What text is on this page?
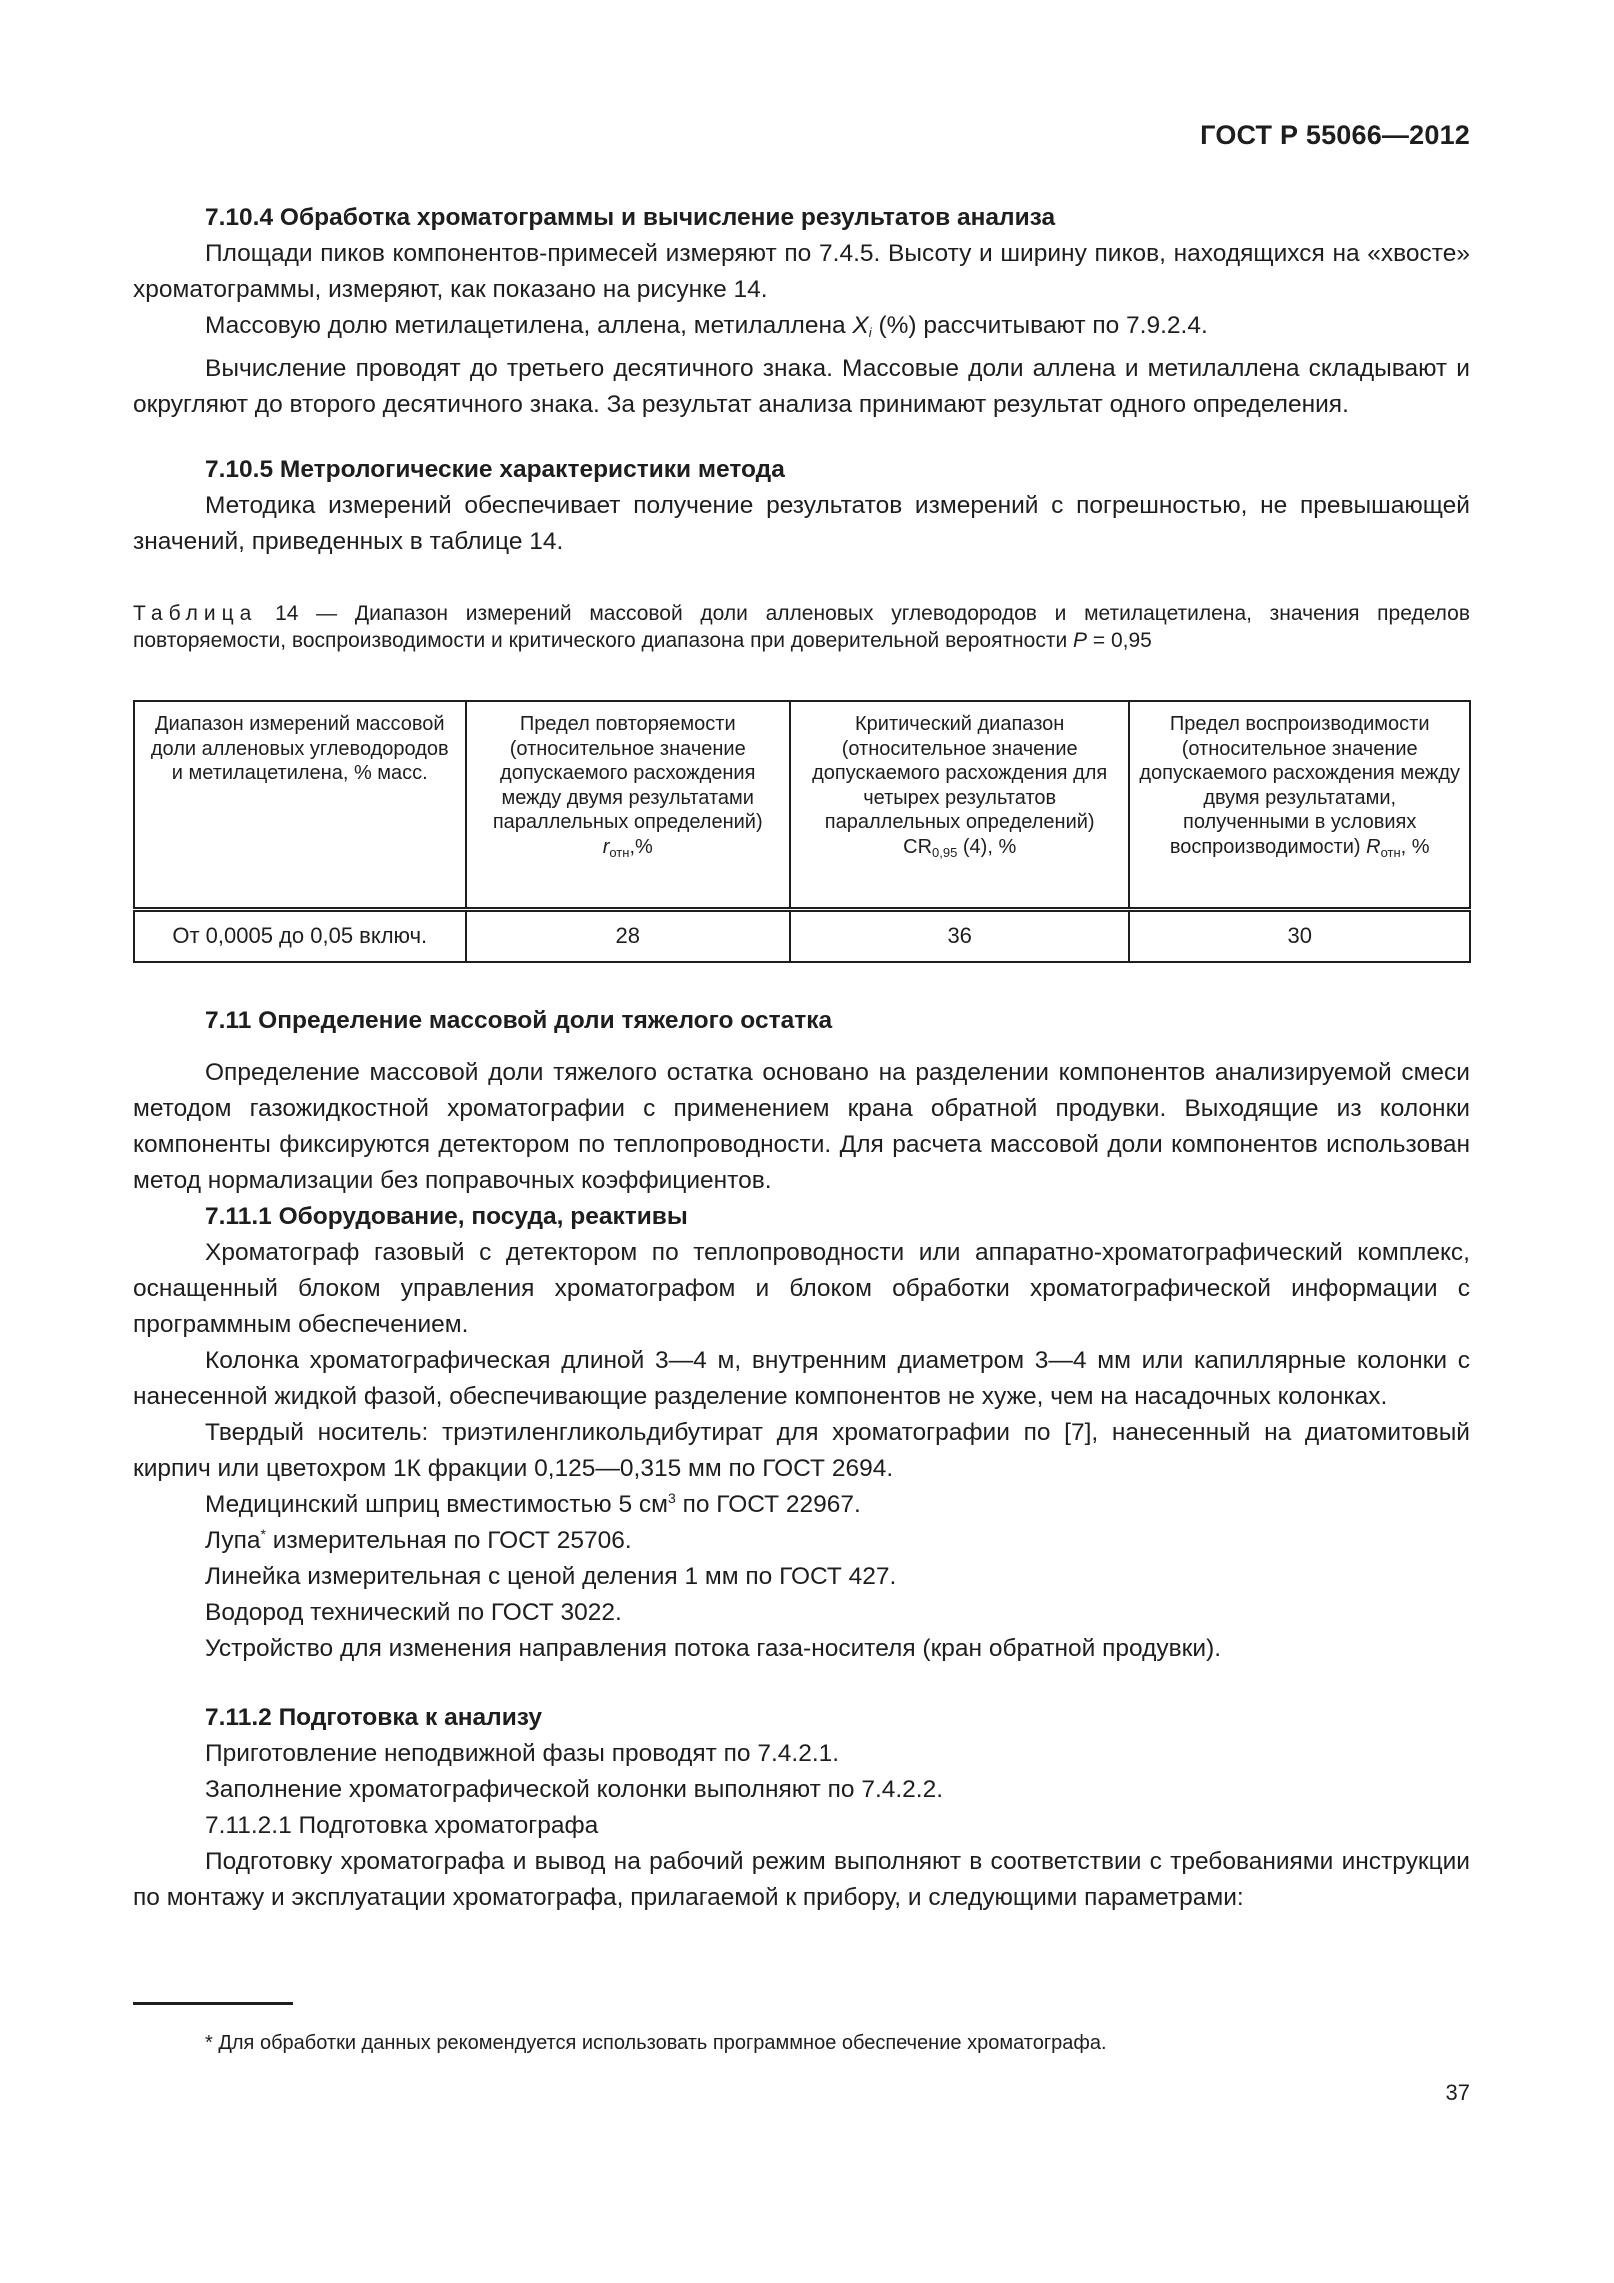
ГОСТ Р 55066—2012
7.10.4 Обработка хроматограммы и вычисление результатов анализа
Площади пиков компонентов-примесей измеряют по 7.4.5. Высоту и ширину пиков, находящихся на «хвосте» хроматограммы, измеряют, как показано на рисунке 14.
Массовую долю метилацетилена, аллена, метилаллена $X_i$ (%) рассчитывают по 7.9.2.4.
Вычисление проводят до третьего десятичного знака. Массовые доли аллена и метилаллена складывают и округляют до второго десятичного знака. За результат анализа принимают результат одного определения.
7.10.5 Метрологические характеристики метода
Методика измерений обеспечивает получение результатов измерений с погрешностью, не превышающей значений, приведенных в таблице 14.
Таблица 14 — Диапазон измерений массовой доли алленовых углеводородов и метилацетилена, значения пределов повторяемости, воспроизводимости и критического диапазона при доверительной вероятности P = 0,95
Диапазон измерений массовой доли алленовых углеводородов и метилацетилена, % масс.	Предел повторяемости (относительное значение допускаемого расхождения между двумя результатами параллельных определений) $r_{отн},\%$	Критический диапазон (относительное значение допускаемого расхождения для четырех результатов параллельных определений) $CR_{0,95}$ (4), %	Предел воспроизводимости (относительное значение допускаемого расхождения между двумя результатами, полученными в условиях воспроизводимости) $R_{отн}$, %
От 0,0005 до 0,05 включ.	28	36	30
7.11 Определение массовой доли тяжелого остатка
Определение массовой доли тяжелого остатка основано на разделении компонентов анализируемой смеси методом газожидкостной хроматографии с применением крана обратной продувки. Выходящие из колонки компоненты фиксируются детектором по теплопроводности. Для расчета массовой доли компонентов использован метод нормализации без поправочных коэффициентов.
7.11.1 Оборудование, посуда, реактивы
Хроматограф газовый с детектором по теплопроводности или аппаратно-хроматографический комплекс, оснащенный блоком управления хроматографом и блоком обработки хроматографической информации с программным обеспечением.
Колонка хроматографическая длиной 3—4 м, внутренним диаметром 3—4 мм или капиллярные колонки с нанесенной жидкой фазой, обеспечивающие разделение компонентов не хуже, чем на насадочных колонках.
Твердый носитель: триэтиленгликольдибутират для хроматографии по [7], нанесенный на диатомитовый кирпич или цветохром 1К фракции 0,125—0,315 мм по ГОСТ 2694.
Медицинский шприц вместимостью 5 $см^3$ по ГОСТ 22967.
Лупа* измерительная по ГОСТ 25706.
Линейка измерительная с ценой деления 1 мм по ГОСТ 427.
Водород технический по ГОСТ 3022.
Устройство для изменения направления потока газа-носителя (кран обратной продувки).
7.11.2 Подготовка к анализу
Приготовление неподвижной фазы проводят по 7.4.2.1.
Заполнение хроматографической колонки выполняют по 7.4.2.2.
7.11.2.1 Подготовка хроматографа
Подготовку хроматографа и вывод на рабочий режим выполняют в соответствии с требованиями инструкции по монтажу и эксплуатации хроматографа, прилагаемой к прибору, и следующими параметрами:
* Для обработки данных рекомендуется использовать программное обеспечение хроматографа.
37
